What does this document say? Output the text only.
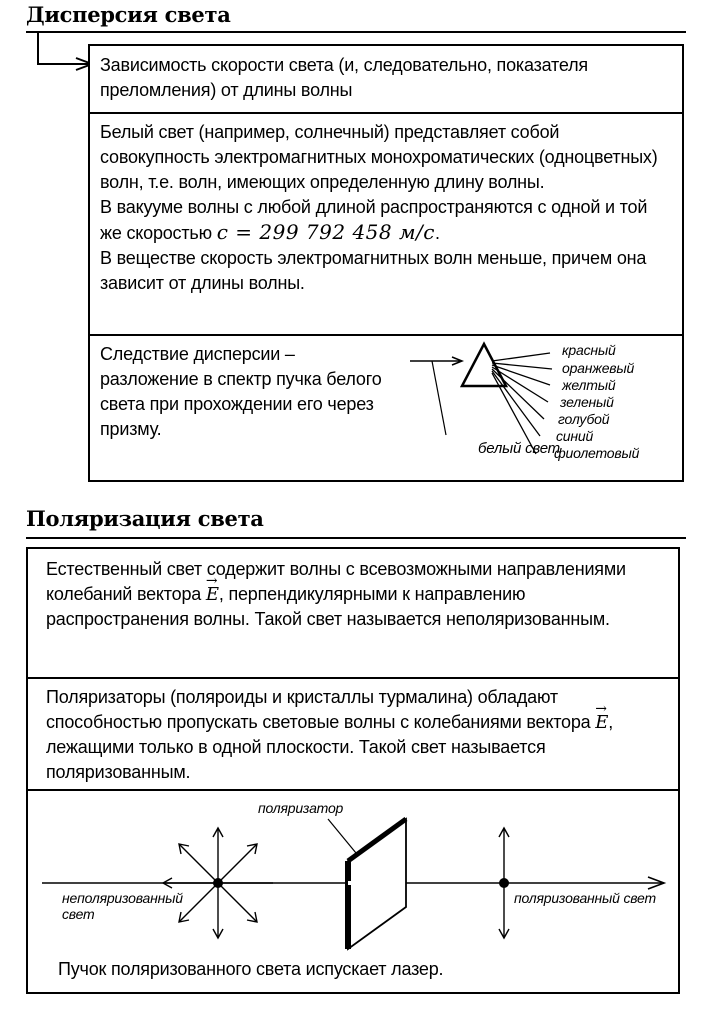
Дисперсия света

Зависимость скорости света (и, следовательно, показателя преломления) от длины волны

Белый свет (например, солнечный) представляет собой совокупность электромагнитных монохроматических (одноцветных) волн, т.е. волн, имеющих определенную длину волны.

В вакууме волны с любой длиной распространяются с одной и той же скоростью c = 299 792 458 м/с.

В веществе скорость электромагнитных волн меньше, причем она зависит от длины волны.

Следствие дисперсии – разложение в спектр пучка белого света при прохождении его через призму.

белый свет
красный
оранжевый
желтый
зеленый
голубой
синий
фиолетовый
Поляризация света

Естественный свет содержит волны с всевозможными направлениями колебаний вектора → E, перпендикулярными к направлению распространения волны. Такой свет называется неполяризованным.

Поляризаторы (поляроиды и кристаллы турмалина) обладают способностью пропускать световые волны с колебаниями вектора → E, лежащими только в одной плоскости. Такой свет называется поляризованным.

поляризатор
неполяризованный
свет
поляризованный свет

Пучок поляризованного света испускает лазер.
